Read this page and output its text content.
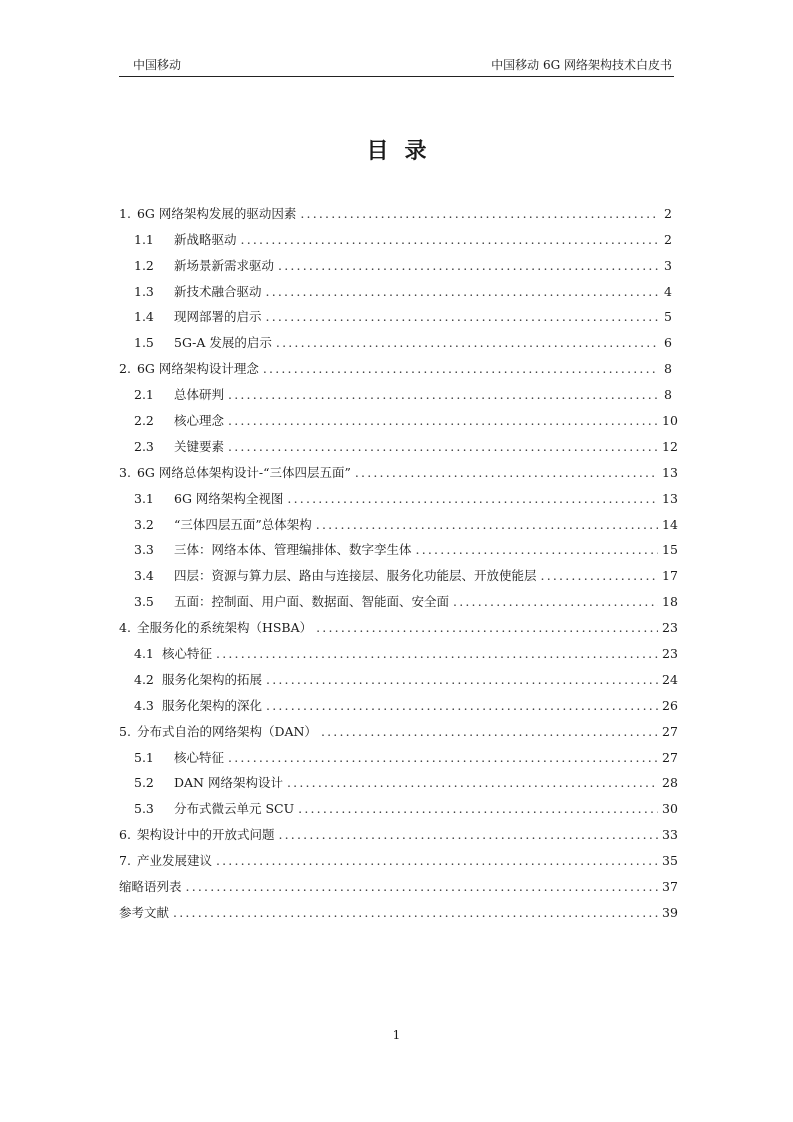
中国移动	中国移动 6G 网络架构技术白皮书
目录
1. 6G 网络架构发展的驱动因素 .....	2
1.1	新战略驱动 .....	2
1.2	新场景新需求驱动 .....	3
1.3	新技术融合驱动 .....	4
1.4	现网部署的启示 .....	5
1.5	5G-A 发展的启示 .....	6
2. 6G 网络架构设计理念 .....	8
2.1	总体研判 .....	8
2.2	核心理念 .....	10
2.3	关键要素 .....	12
3. 6G 网络总体架构设计-“三体四层五面” .....	13
3.1	6G 网络架构全视图 .....	13
3.2	“三体四层五面”总体架构 .....	14
3.3	三体：网络本体、管理编排体、数字孪生体 .....	15
3.4	四层：资源与算力层、路由与连接层、服务化功能层、开放使能层 .....	17
3.5	五面：控制面、用户面、数据面、智能面、安全面 .....	18
4. 全服务化的系统架构（HSBA） .....	23
4.1 核心特征 .....	23
4.2 服务化架构的拓展 .....	24
4.3 服务化架构的深化 .....	26
5. 分布式自治的网络架构（DAN） .....	27
5.1	核心特征 .....	27
5.2	DAN 网络架构设计 .....	28
5.3	分布式微云单元 SCU .....	30
6. 架构设计中的开放式问题 .....	33
7. 产业发展建议 .....	35
缩略语列表 .....	37
参考文献 .....	39
1
